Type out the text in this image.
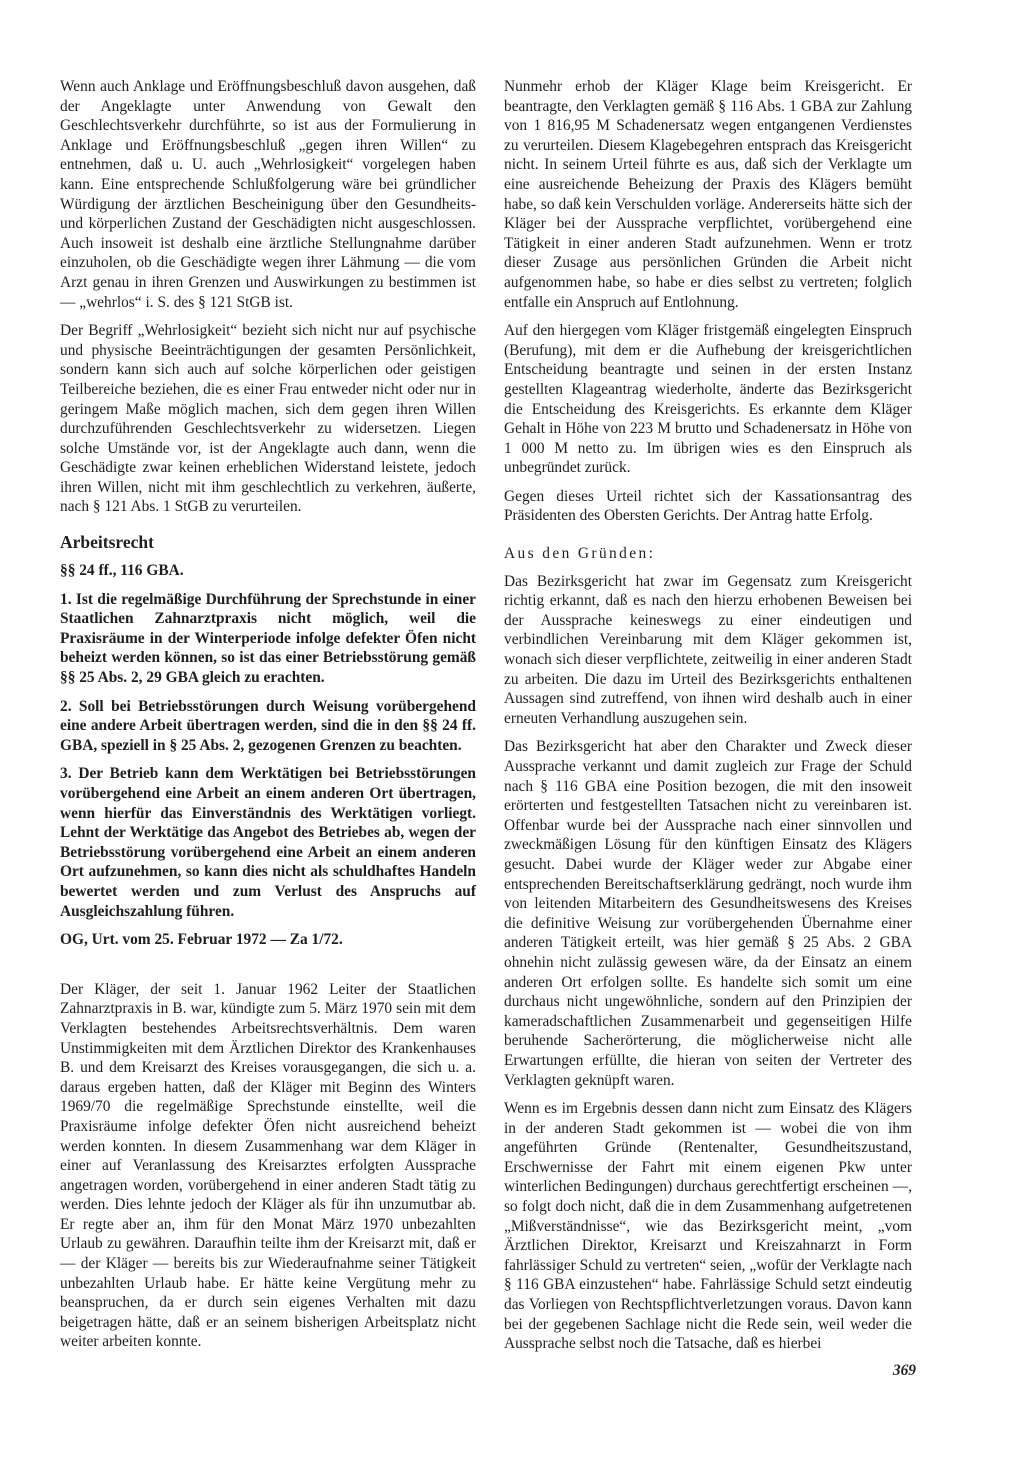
Wenn auch Anklage und Eröffnungsbeschluß davon ausgehen, daß der Angeklagte unter Anwendung von Gewalt den Geschlechtsverkehr durchführte, so ist aus der Formulierung in Anklage und Eröffnungsbeschluß „gegen ihren Willen“ zu entnehmen, daß u. U. auch „Wehrlosigkeit“ vorgelegen haben kann. Eine entsprechende Schlußfolgerung wäre bei gründlicher Würdigung der ärztlichen Bescheinigung über den Gesundheits- und körperlichen Zustand der Geschädigten nicht ausgeschlossen. Auch insoweit ist deshalb eine ärztliche Stellungnahme darüber einzuholen, ob die Geschädigte wegen ihrer Lähmung — die vom Arzt genau in ihren Grenzen und Auswirkungen zu bestimmen ist — „wehrlos“ i. S. des § 121 StGB ist.

Der Begriff „Wehrlosigkeit“ bezieht sich nicht nur auf psychische und physische Beeinträchtigungen der gesamten Persönlichkeit, sondern kann sich auch auf solche körperlichen oder geistigen Teilbereiche beziehen, die es einer Frau entweder nicht oder nur in geringem Maße möglich machen, sich dem gegen ihren Willen durchzuführenden Geschlechtsverkehr zu widersetzen. Liegen solche Umstände vor, ist der Angeklagte auch dann, wenn die Geschädigte zwar keinen erheblichen Widerstand leistete, jedoch ihren Willen, nicht mit ihm geschlechtlich zu verkehren, äußerte, nach § 121 Abs. 1 StGB zu verurteilen.

Arbeitsrecht

§§ 24 ff., 116 GBA.

1. Ist die regelmäßige Durchführung der Sprechstunde in einer Staatlichen Zahnarztpraxis nicht möglich, weil die Praxisräume in der Winterperiode infolge defekter Öfen nicht beheizt werden können, so ist das einer Betriebsstörung gemäß §§ 25 Abs. 2, 29 GBA gleich zu erachten.

2. Soll bei Betriebsstörungen durch Weisung vorübergehend eine andere Arbeit übertragen werden, sind die in den §§ 24 ff. GBA, speziell in § 25 Abs. 2, gezogenen Grenzen zu beachten.

3. Der Betrieb kann dem Werktätigen bei Betriebsstörungen vorübergehend eine Arbeit an einem anderen Ort übertragen, wenn hierfür das Einverständnis des Werktätigen vorliegt. Lehnt der Werktätige das Angebot des Betriebes ab, wegen der Betriebsstörung vorübergehend eine Arbeit an einem anderen Ort aufzunehmen, so kann dies nicht als schuldhaftes Handeln bewertet werden und zum Verlust des Anspruchs auf Ausgleichszahlung führen.

OG, Urt. vom 25. Februar 1972 — Za 1/72.

Der Kläger, der seit 1. Januar 1962 Leiter der Staatlichen Zahnarztpraxis in B. war, kündigte zum 5. März 1970 sein mit dem Verklagten bestehendes Arbeitsrechtsverhältnis. Dem waren Unstimmigkeiten mit dem Ärztlichen Direktor des Krankenhauses B. und dem Kreisarzt des Kreises vorausgegangen, die sich u. a. daraus ergeben hatten, daß der Kläger mit Beginn des Winters 1969/70 die regelmäßige Sprechstunde einstellte, weil die Praxisräume infolge defekter Öfen nicht ausreichend beheizt werden konnten. In diesem Zusammenhang war dem Kläger in einer auf Veranlassung des Kreisarztes erfolgten Aussprache angetragen worden, vorübergehend in einer anderen Stadt tätig zu werden. Dies lehnte jedoch der Kläger als für ihn unzumutbar ab. Er regte aber an, ihm für den Monat März 1970 unbezahlten Urlaub zu gewähren. Daraufhin teilte ihm der Kreisarzt mit, daß er — der Kläger — bereits bis zur Wiederaufnahme seiner Tätigkeit unbezahlten Urlaub habe. Er hätte keine Vergütung mehr zu beanspruchen, da er durch sein eigenes Verhalten mit dazu beigetragen hätte, daß er an seinem bisherigen Arbeitsplatz nicht weiter arbeiten konnte.

Nunmehr erhob der Kläger Klage beim Kreisgericht. Er beantragte, den Verklagten gemäß § 116 Abs. 1 GBA zur Zahlung von 1 816,95 M Schadenersatz wegen entgangenen Verdienstes zu verurteilen. Diesem Klagebegehren entsprach das Kreisgericht nicht. In seinem Urteil führte es aus, daß sich der Verklagte um eine ausreichende Beheizung der Praxis des Klägers bemüht habe, so daß kein Verschulden vorläge. Andererseits hätte sich der Kläger bei der Aussprache verpflichtet, vorübergehend eine Tätigkeit in einer anderen Stadt aufzunehmen. Wenn er trotz dieser Zusage aus persönlichen Gründen die Arbeit nicht aufgenommen habe, so habe er dies selbst zu vertreten; folglich entfalle ein Anspruch auf Entlohnung.

Auf den hiergegen vom Kläger fristgemäß eingelegten Einspruch (Berufung), mit dem er die Aufhebung der kreisgerichtlichen Entscheidung beantragte und seinen in der ersten Instanz gestellten Klageantrag wiederholte, änderte das Bezirksgericht die Entscheidung des Kreisgerichts. Es erkannte dem Kläger Gehalt in Höhe von 223 M brutto und Schadenersatz in Höhe von 1 000 M netto zu. Im übrigen wies es den Einspruch als unbegründet zurück.

Gegen dieses Urteil richtet sich der Kassationsantrag des Präsidenten des Obersten Gerichts. Der Antrag hatte Erfolg.

Aus den Gründen:

Das Bezirksgericht hat zwar im Gegensatz zum Kreisgericht richtig erkannt, daß es nach den hierzu erhobenen Beweisen bei der Aussprache keineswegs zu einer eindeutigen und verbindlichen Vereinbarung mit dem Kläger gekommen ist, wonach sich dieser verpflichtete, zeitweilig in einer anderen Stadt zu arbeiten. Die dazu im Urteil des Bezirksgerichts enthaltenen Aussagen sind zutreffend, von ihnen wird deshalb auch in einer erneuten Verhandlung auszugehen sein.

Das Bezirksgericht hat aber den Charakter und Zweck dieser Aussprache verkannt und damit zugleich zur Frage der Schuld nach § 116 GBA eine Position bezogen, die mit den insoweit erörterten und festgestellten Tatsachen nicht zu vereinbaren ist. Offenbar wurde bei der Aussprache nach einer sinnvollen und zweckmäßigen Lösung für den künftigen Einsatz des Klägers gesucht. Dabei wurde der Kläger weder zur Abgabe einer entsprechenden Bereitschaftserklärung gedrängt, noch wurde ihm von leitenden Mitarbeitern des Gesundheitswesens des Kreises die definitive Weisung zur vorübergehenden Übernahme einer anderen Tätigkeit erteilt, was hier gemäß § 25 Abs. 2 GBA ohnehin nicht zulässig gewesen wäre, da der Einsatz an einem anderen Ort erfolgen sollte. Es handelte sich somit um eine durchaus nicht ungewöhnliche, sondern auf den Prinzipien der kameradschaftlichen Zusammenarbeit und gegenseitigen Hilfe beruhende Sacherörterung, die möglicherweise nicht alle Erwartungen erfüllte, die hieran von seiten der Vertreter des Verklagten geknüpft waren.

Wenn es im Ergebnis dessen dann nicht zum Einsatz des Klägers in der anderen Stadt gekommen ist — wobei die von ihm angeführten Gründe (Rentenalter, Gesundheitszustand, Erschwernisse der Fahrt mit einem eigenen Pkw unter winterlichen Bedingungen) durchaus gerechtfertigt erscheinen —, so folgt doch nicht, daß die in dem Zusammenhang aufgetretenen „Mißverständnisse“, wie das Bezirksgericht meint, „vom Ärztlichen Direktor, Kreisarzt und Kreiszahnarzt in Form fahrlässiger Schuld zu vertreten“ seien, „wofür der Verklagte nach § 116 GBA einzustehen“ habe. Fahrlässige Schuld setzt eindeutig das Vorliegen von Rechtspflichtverletzungen voraus. Davon kann bei der gegebenen Sachlage nicht die Rede sein, weil weder die Aussprache selbst noch die Tatsache, daß es hierbei

369
